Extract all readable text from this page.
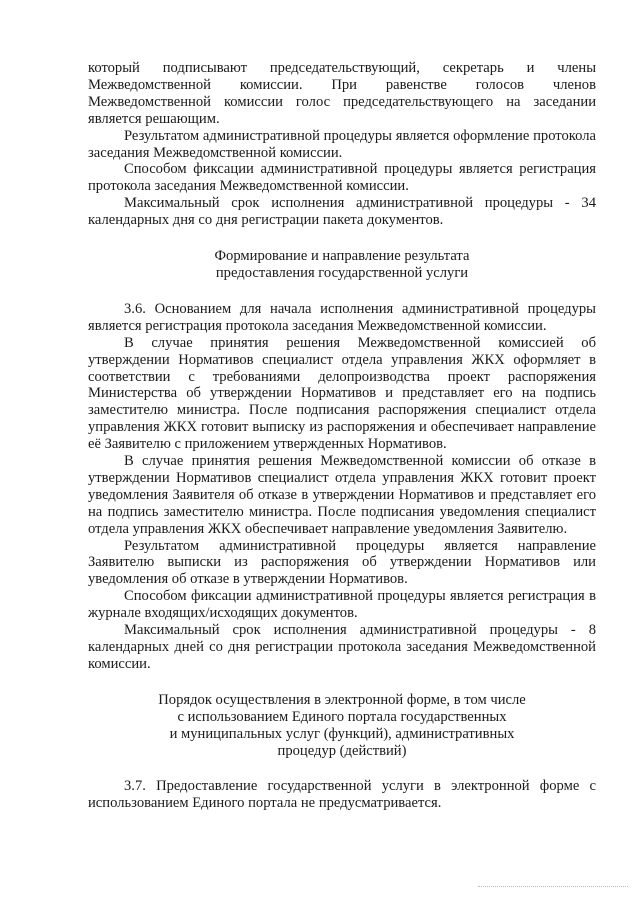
который подписывают председательствующий, секретарь и члены Межведомственной комиссии. При равенстве голосов членов Межведомственной комиссии голос председательствующего на заседании является решающим.

Результатом административной процедуры является оформление протокола заседания Межведомственной комиссии.

Способом фиксации административной процедуры является регистрация протокола заседания Межведомственной комиссии.

Максимальный срок исполнения административной процедуры - 34 календарных дня со дня регистрации пакета документов.

Формирование и направление результата
предоставления государственной услуги

3.6. Основанием для начала исполнения административной процедуры является регистрация протокола заседания Межведомственной комиссии.

В случае принятия решения Межведомственной комиссией об утверждении Нормативов специалист отдела управления ЖКХ оформляет в соответствии с требованиями делопроизводства проект распоряжения Министерства об утверждении Нормативов и представляет его на подпись заместителю министра. После подписания распоряжения специалист отдела управления ЖКХ готовит выписку из распоряжения и обеспечивает направление её Заявителю с приложением утвержденных Нормативов.

В случае принятия решения Межведомственной комиссии об отказе в утверждении Нормативов специалист отдела управления ЖКХ готовит проект уведомления Заявителя об отказе в утверждении Нормативов и представляет его на подпись заместителю министра. После подписания уведомления специалист отдела управления ЖКХ обеспечивает направление уведомления Заявителю.

Результатом административной процедуры является направление Заявителю выписки из распоряжения об утверждении Нормативов или уведомления об отказе в утверждении Нормативов.

Способом фиксации административной процедуры является регистрация в журнале входящих/исходящих документов.

Максимальный срок исполнения административной процедуры - 8 календарных дней со дня регистрации протокола заседания Межведомственной комиссии.

Порядок осуществления в электронной форме, в том числе
с использованием Единого портала государственных
и муниципальных услуг (функций), административных
процедур (действий)

3.7. Предоставление государственной услуги в электронной форме с использованием Единого портала не предусматривается.
